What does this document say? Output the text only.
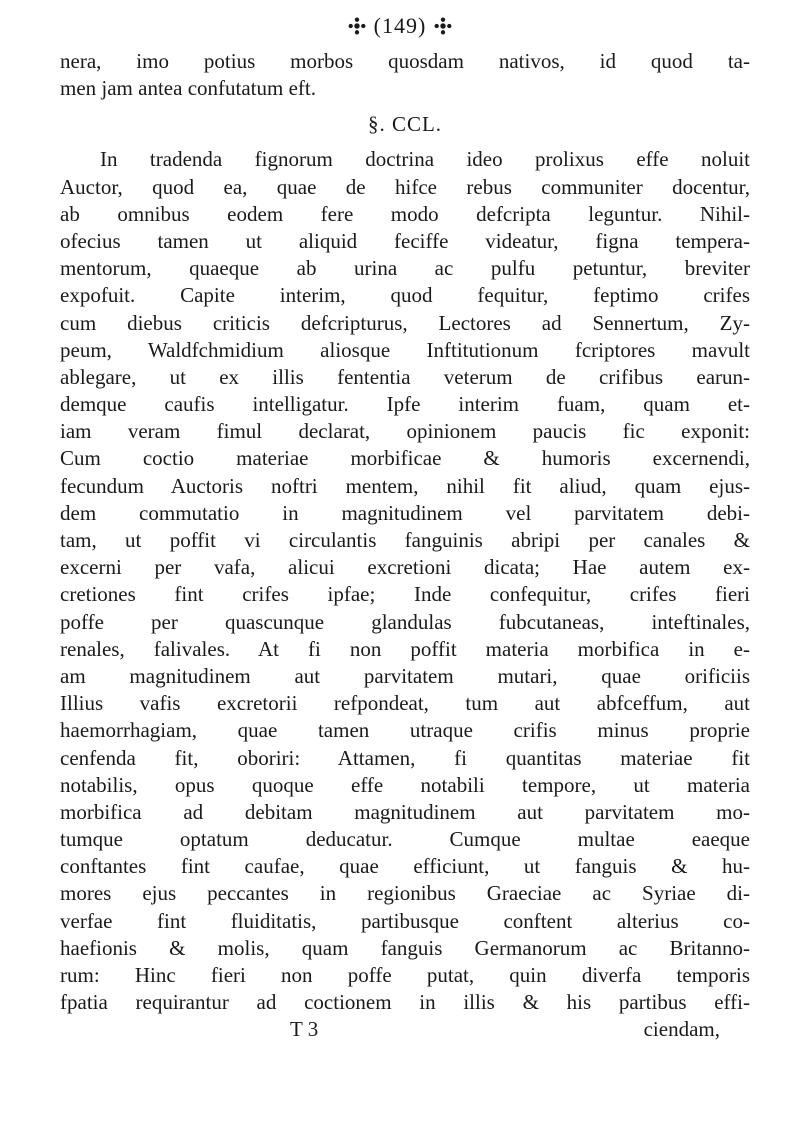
(149)
nera, imo potius morbos quosdam nativos, id quod ta-
men jam antea confutatum eft.
§. CCL.
In tradenda fignorum doctrina ideo prolixus effe noluit
Auctor, quod ea, quae de hifce rebus communiter docentur,
ab omnibus eodem fere modo defcripta leguntur. Nihil-
ofecius tamen ut aliquid feciffe videatur, figna tempera-
mentorum, quaeque ab urina ac pulfu petuntur, breviter
expofuit. Capite interim, quod fequitur, feptimo crifes
cum diebus criticis defcripturus, Lectores ad Sennertum, Zy-
peum, Waldfchmidium aliosque Inftitutionum fcriptores mavult
ablegare, ut ex illis fententia veterum de crifibus earun-
demque caufis intelligatur. Ipfe interim fuam, quam et-
iam veram fimul declarat, opinionem paucis fic exponit:
Cum coctio materiae morbificae & humoris excernendi,
fecundum Auctoris noftri mentem, nihil fit aliud, quam ejus-
dem commutatio in magnitudinem vel parvitatem debi-
tam, ut poffit vi circulantis fanguinis abripi per canales &
excerni per vafa, alicui excretioni dicata; Hae autem ex-
cretiones fint crifes ipfae; Inde confequitur, crifes fieri
poffe per quascunque glandulas fubcutaneas, inteftinales,
renales, falivales. At fi non poffit materia morbifica in e-
am magnitudinem aut parvitatem mutari, quae orificiis
Illius vafis excretorii refpondeat, tum aut abfceffum, aut
haemorrhagiam, quae tamen utraque crifis minus proprie
cenfenda fit, oboriri: Attamen, fi quantitas materiae fit
notabilis, opus quoque effe notabili tempore, ut materia
morbifica ad debitam magnitudinem aut parvitatem mo-
tumque optatum deducatur. Cumque multae eaeque
conftantes fint caufae, quae efficiunt, ut fanguis & hu-
mores ejus peccantes in regionibus Graeciae ac Syriae di-
verfae fint fluiditatis, partibusque conftent alterius co-
haefionis & molis, quam fanguis Germanorum ac Britanno-
rum: Hinc fieri non poffe putat, quin diverfa temporis
fpatia requirantur ad coctionem in illis & his partibus effi-
T 3	ciendam,
